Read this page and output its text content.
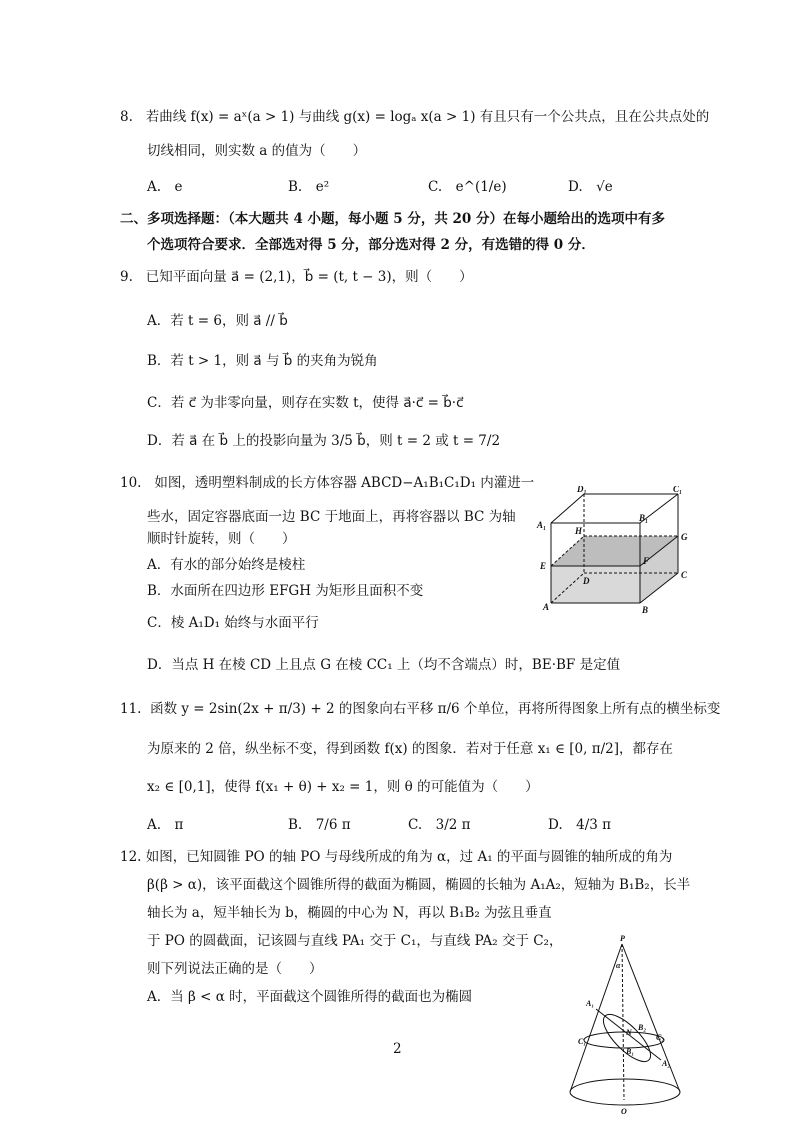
8. 若曲线 f(x) = aˣ(a > 1) 与曲线 g(x) = logₐ x(a > 1) 有且只有一个公共点，且在公共点处的
切线相同，则实数 a 的值为（　　）
A.　e	B.　e²	C.　e^(1/e)	D.　√e
二、多项选择题：（本大题共 4 小题，每小题 5 分，共 20 分）在每小题给出的选项中有多
个选项符合要求．全部选对得 5 分，部分选对得 2 分，有选错的得 0 分．
9. 已知平面向量 a⃗ = (2,1)，b⃗ = (t, t − 3)，则（　　）
A．若 t = 6，则 a⃗ // b⃗
B．若 t > 1，则 a⃗ 与 b⃗ 的夹角为锐角
C．若 c⃗ 为非零向量，则存在实数 t，使得 a⃗·c⃗ = b⃗·c⃗
D．若 a⃗ 在 b⃗ 上的投影向量为 3/5 b⃗，则 t = 2 或 t = 7/2
10. 如图，透明塑料制成的长方体容器 ABCD−A₁B₁C₁D₁ 内灌进一
些水，固定容器底面一边 BC 于地面上，再将容器以 BC 为轴
顺时针旋转，则（　　）
A．有水的部分始终是棱柱
B．水面所在四边形 EFGH 为矩形且面积不变
C．棱 A₁D₁ 始终与水面平行
D．当点 H 在棱 CD 上且点 G 在棱 CC₁ 上（均不含端点）时，BE·BF 是定值
D₁	C₁
A₁
B₁
H
G
E	F
D
C
A	B
11. 函数 y = 2sin(2x + π/3) + 2 的图象向右平移 π/6 个单位，再将所得图象上所有点的横坐标变
为原来的 2 倍，纵坐标不变，得到函数 f(x) 的图象．若对于任意 x₁ ∈ [0, π/2]，都存在
x₂ ∈ [0,1]，使得 f(x₁ + θ) + x₂ = 1，则 θ 的可能值为（　　）
A.　π	B.　7/6 π	C.　3/2 π	D.　4/3 π
12. 如图，已知圆锥 PO 的轴 PO 与母线所成的角为 α，过 A₁ 的平面与圆锥的轴所成的角为
β(β > α)，该平面截这个圆锥所得的截面为椭圆，椭圆的长轴为 A₁A₂，短轴为 B₁B₂，长半
轴长为 a，短半轴长为 b，椭圆的中心为 N，再以 B₁B₂ 为弦且垂直
于 PO 的圆截面，记该圆与直线 PA₁ 交于 C₁，与直线 PA₂ 交于 C₂，
则下列说法正确的是（　　）
A．当 β < α 时，平面截这个圆锥所得的截面也为椭圆
P
α
A₁
B₂
C₁	C₂
B₁
A₂
O
N
2
